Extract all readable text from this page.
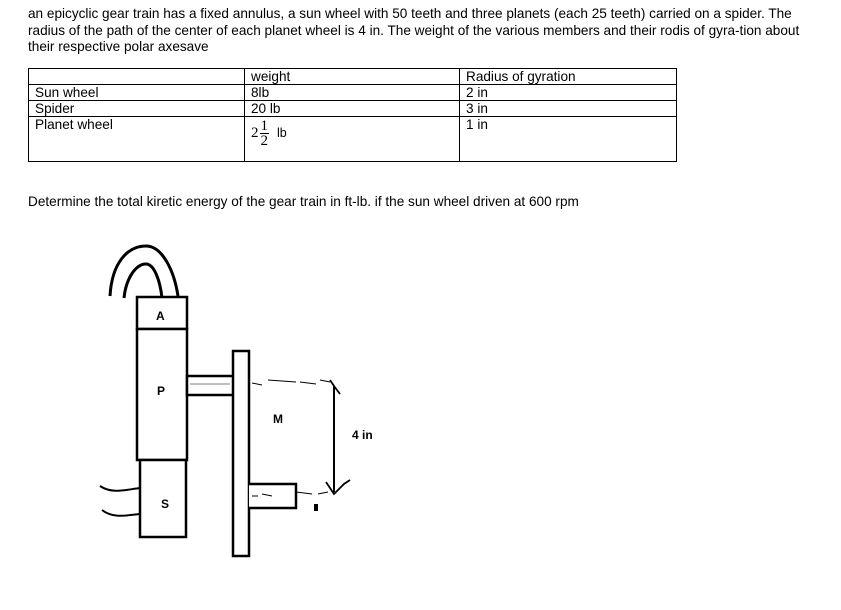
an epicyclic gear train has a fixed annulus, a sun wheel with 50 teeth and three planets (each 25 teeth) carried on a spider. The radius of the path of the center of each planet wheel is 4 in. The weight of the various members and their rodis of gyra-tion about their respective polar axesave

	weight	Radius of gyration
Sun wheel	8lb	2 in
Spider	20 lb	3 in
Planet wheel	$2 \frac{1}{2}$ lb	1 in

Determine the total kiretic energy of the gear train in ft-lb. if the sun wheel driven at 600 rpm

A
P
S
M
4 in
